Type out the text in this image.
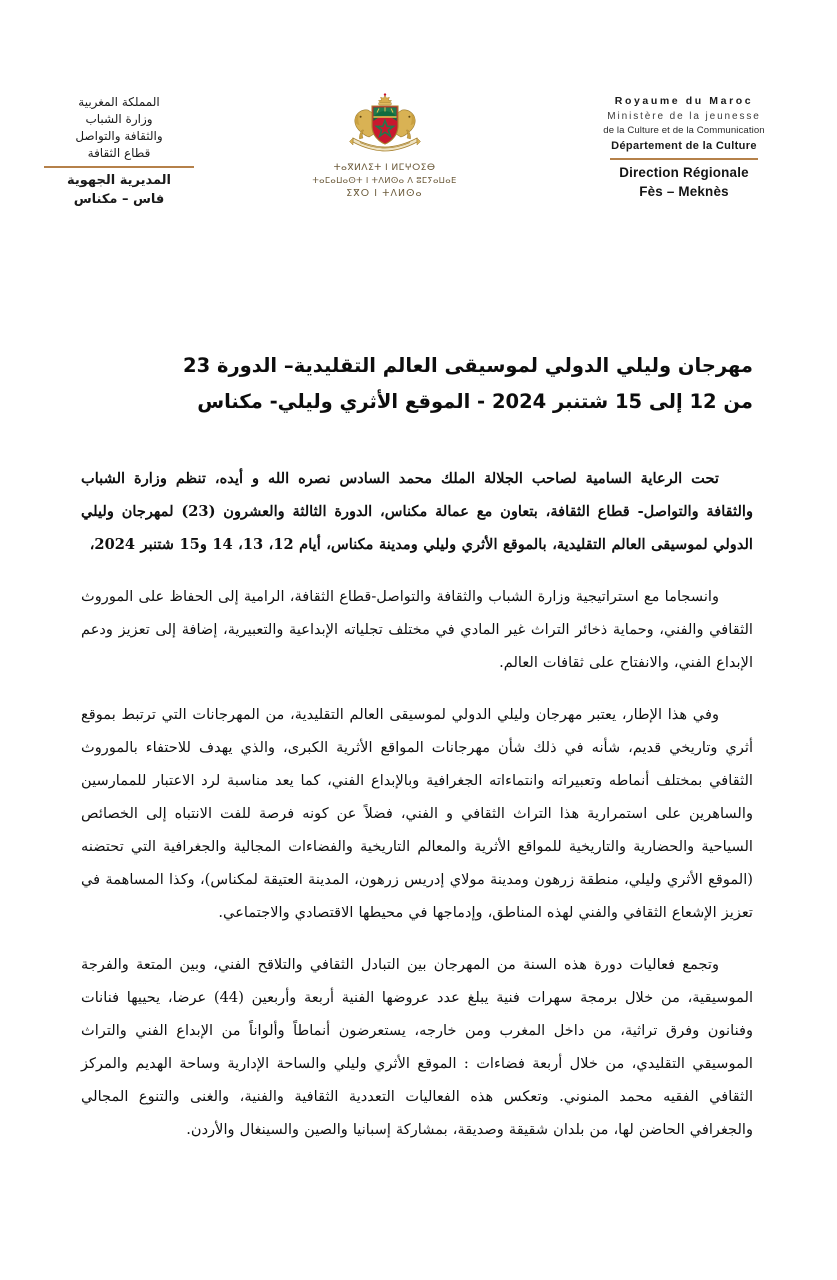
Royaume du Maroc
Ministère de la jeunesse
de la Culture et de la Communication
Département de la Culture
Direction Régionale
Fès – Meknès
ⵜⴰⴳⵍⴷⵉⵜ ⵏ ⵍⵎⵖⵔⵉⴱ
ⵜⴰⵎⴰⵡⴰⵙⵜ ⵏ ⵜⴷⵍⵙⴰ ⴷ ⵓⵎⵢⴰⵡⴰⴹ
ⵉⴳⵔ ⵏ ⵜⴷⵍⵙⴰ
المملكة المغربية
وزارة الشباب
والثقافة والتواصل
قطاع الثقافة
المديرية الجهوية
فاس – مكناس
مهرجان وليلي الدولي لموسيقى العالم التقليدية– الدورة 23
من 12 إلى 15 شتنبر 2024 - الموقع الأثري وليلي- مكناس

تحت الرعاية السامية لصاحب الجلالة الملك محمد السادس نصره الله و أيده، تنظم وزارة الشباب والثقافة والتواصل- قطاع الثقافة، بتعاون مع عمالة مكناس، الدورة الثالثة والعشرون (23) لمهرجان وليلي الدولي لموسيقى العالم التقليدية، بالموقع الأثري وليلي ومدينة مكناس، أيام 12، 13، 14 و15 شتنبر 2024،

وانسجاما مع استراتيجية وزارة الشباب والثقافة والتواصل-قطاع الثقافة، الرامية إلى الحفاظ على الموروث الثقافي والفني، وحماية ذخائر التراث غير المادي في مختلف تجلياته الإبداعية والتعبيرية، إضافة إلى تعزيز ودعم الإبداع الفني، والانفتاح على ثقافات العالم.

وفي هذا الإطار، يعتبر مهرجان وليلي الدولي لموسيقى العالم التقليدية، من المهرجانات التي ترتبط بموقع أثري وتاريخي قديم، شأنه في ذلك شأن مهرجانات المواقع الأثرية الكبرى، والذي يهدف للاحتفاء بالموروث الثقافي بمختلف أنماطه وتعبيراته وانتماءاته الجغرافية وبالإبداع الفني، كما يعد مناسبة لرد الاعتبار للممارسين والساهرين على استمرارية هذا التراث الثقافي و الفني، فضلاً عن كونه فرصة للفت الانتباه إلى الخصائص السياحية والحضارية والتاريخية للمواقع الأثرية والمعالم التاريخية والفضاءات المجالية والجغرافية التي تحتضنه (الموقع الأثري وليلي، منطقة زرهون ومدينة مولاي إدريس زرهون، المدينة العتيقة لمكناس)، وكذا المساهمة في تعزيز الإشعاع الثقافي والفني لهذه المناطق، وإدماجها في محيطها الاقتصادي والاجتماعي.

وتجمع فعاليات دورة هذه السنة من المهرجان بين التبادل الثقافي والتلاقح الفني، وبين المتعة والفرجة الموسيقية، من خلال برمجة سهرات فنية يبلغ عدد عروضها الفنية أربعة وأربعين (44) عرضا، يحييها فنانات وفنانون وفرق تراثية، من داخل المغرب ومن خارجه، يستعرضون أنماطاً وألواناً من الإبداع الفني والتراث الموسيقي التقليدي، من خلال أربعة فضاءات : الموقع الأثري وليلي والساحة الإدارية وساحة الهديم والمركز الثقافي الفقيه محمد المنوني. وتعكس هذه الفعاليات التعددية الثقافية والفنية، والغنى والتنوع المجالي والجغرافي الحاضن لها، من بلدان شقيقة وصديقة، بمشاركة إسبانيا والصين والسينغال والأردن.
